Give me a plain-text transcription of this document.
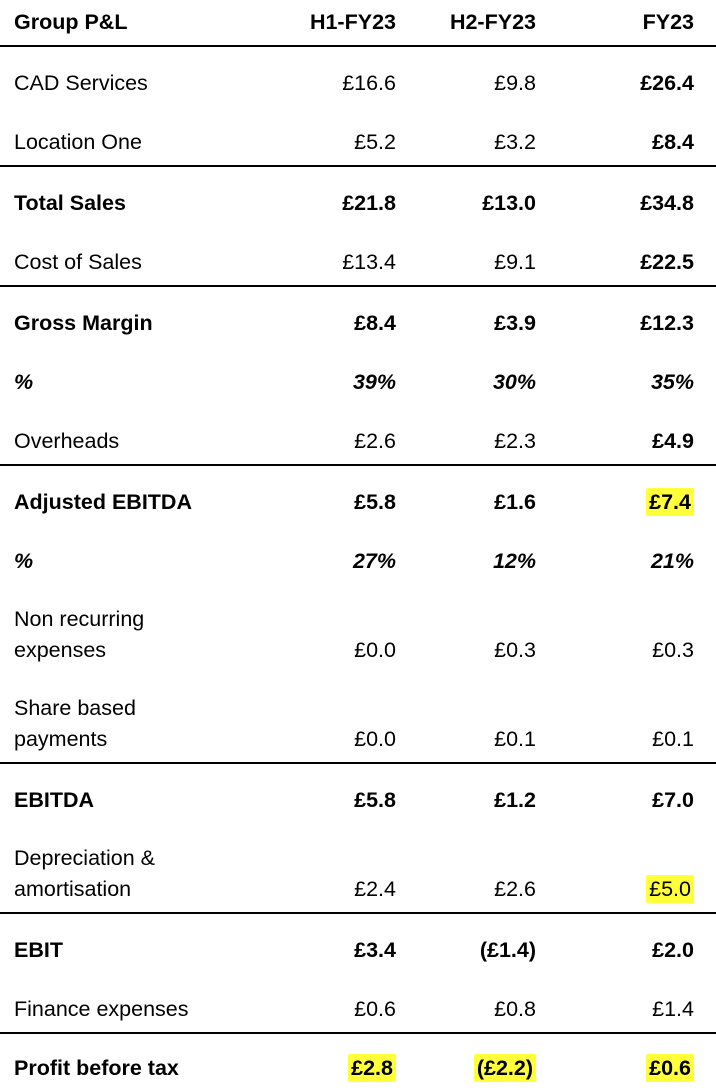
Group P&L	H1-FY23	H2-FY23	FY23	
CAD Services	£16.6	£9.8	£26.4	
Location One	£5.2	£3.2	£8.4	
Total Sales	£21.8	£13.0	£34.8	
Cost of Sales	£13.4	£9.1	£22.5	
Gross Margin	£8.4	£3.9	£12.3	
%	39%	30%	35%	
Overheads	£2.6	£2.3	£4.9	
Adjusted EBITDA	£5.8	£1.6	£7.4	
%	27%	12%	21%	
Non recurring expenses	£0.0	£0.3	£0.3	
Share based payments	£0.0	£0.1	£0.1	
EBITDA	£5.8	£1.2	£7.0	
Depreciation & amortisation	£2.4	£2.6	£5.0	
EBIT	£3.4	(£1.4)	£2.0	
Finance expenses	£0.6	£0.8	£1.4	
Profit before tax	£2.8	(£2.2)	£0.6	
